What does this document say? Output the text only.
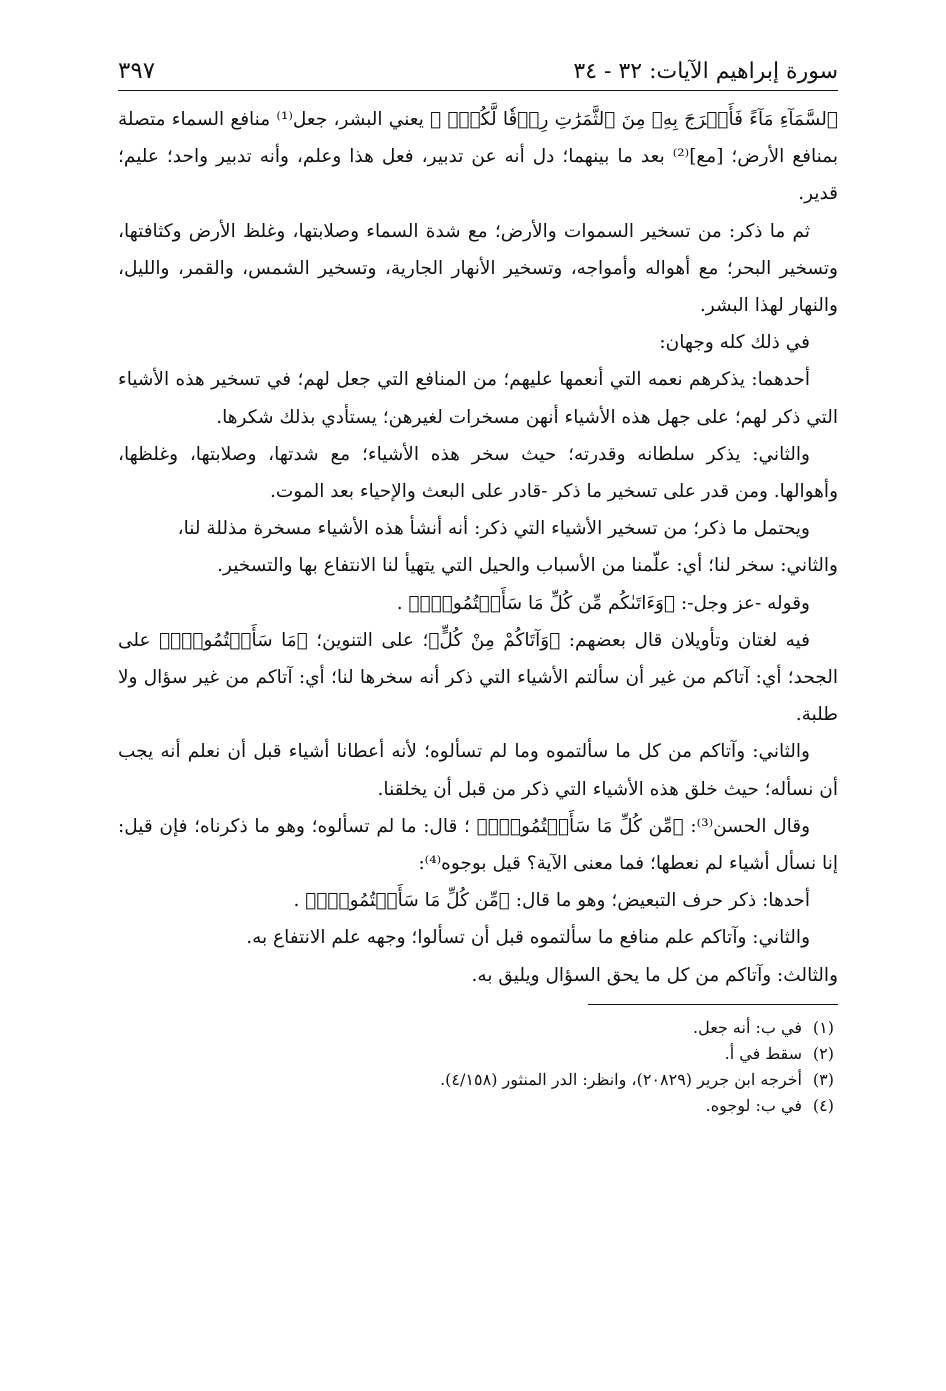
سورة إبراهيم الآيات: ٣٢ - ٣٤
٣٩٧

ٱلسَّمَآءِ مَآءً فَأَخۡرَجَ بِهِۦ مِنَ ٱلثَّمَرَٰتِ رِزۡقٗا لَّكُمۡۖ ﴾ يعني البشر، جعل⁽¹⁾ منافع السماء متصلة بمنافع الأرض؛ [مع]⁽²⁾ بعد ما بينهما؛ دل أنه عن تدبير، فعل هذا وعلم، وأنه تدبير واحد؛ عليم؛ قدير.

ثم ما ذكر: من تسخير السموات والأرض؛ مع شدة السماء وصلابتها، وغلظ الأرض وكثافتها، وتسخير البحر؛ مع أهواله وأمواجه، وتسخير الأنهار الجارية، وتسخير الشمس، والقمر، والليل، والنهار لهذا البشر.

في ذلك كله وجهان:

أحدهما: يذكرهم نعمه التي أنعمها عليهم؛ من المنافع التي جعل لهم؛ في تسخير هذه الأشياء التي ذكر لهم؛ على جهل هذه الأشياء أنهن مسخرات لغيرهن؛ يستأدي بذلك شكرها.

والثاني: يذكر سلطانه وقدرته؛ حيث سخر هذه الأشياء؛ مع شدتها، وصلابتها، وغلظها، وأهوالها. ومن قدر على تسخير ما ذكر -قادر على البعث والإحياء بعد الموت.

ويحتمل ما ذكر؛ من تسخير الأشياء التي ذكر: أنه أنشأ هذه الأشياء مسخرة مذللة لنا،

والثاني: سخر لنا؛ أي: علّمنا من الأسباب والحيل التي يتهيأ لنا الانتفاع بها والتسخير.

وقوله -عز وجل-: ﴿وَءَاتَىٰكُم مِّن كُلِّ مَا سَأَلۡتُمُوهُۚ﴾ .

فيه لغتان وتأويلان قال بعضهم: ﴿وَآتَاكُمْ مِنْ كُلٍّ﴾؛ على التنوين؛ ﴿مَا سَأَلۡتُمُوهُۚ﴾ على الجحد؛ أي: آتاكم من غير أن سألتم الأشياء التي ذكر أنه سخرها لنا؛ أي: آتاكم من غير سؤال ولا طلبة.

والثاني: وآتاكم من كل ما سألتموه وما لم تسألوه؛ لأنه أعطانا أشياء قبل أن نعلم أنه يجب أن نسأله؛ حيث خلق هذه الأشياء التي ذكر من قبل أن يخلقنا.

وقال الحسن⁽³⁾: ﴿مِّن كُلِّ مَا سَأَلۡتُمُوهُۚ﴾ ؛ قال: ما لم تسألوه؛ وهو ما ذكرناه؛ فإن قيل: إنا نسأل أشياء لم نعطها؛ فما معنى الآية؟ قيل بوجوه⁽⁴⁾:

أحدها: ذكر حرف التبعيض؛ وهو ما قال: ﴿مِّن كُلِّ مَا سَأَلۡتُمُوهُۚ﴾ .

والثاني: وآتاكم علم منافع ما سألتموه قبل أن تسألوا؛ وجهه علم الانتفاع به.

والثالث: وآتاكم من كل ما يحق السؤال ويليق به.

(١)
في ب: أنه جعل.
(٢)
سقط في أ.
(٣)
أخرجه ابن جرير (٢٠٨٢٩)، وانظر: الدر المنثور (٤/١٥٨).
(٤)
في ب: لوجوه.
